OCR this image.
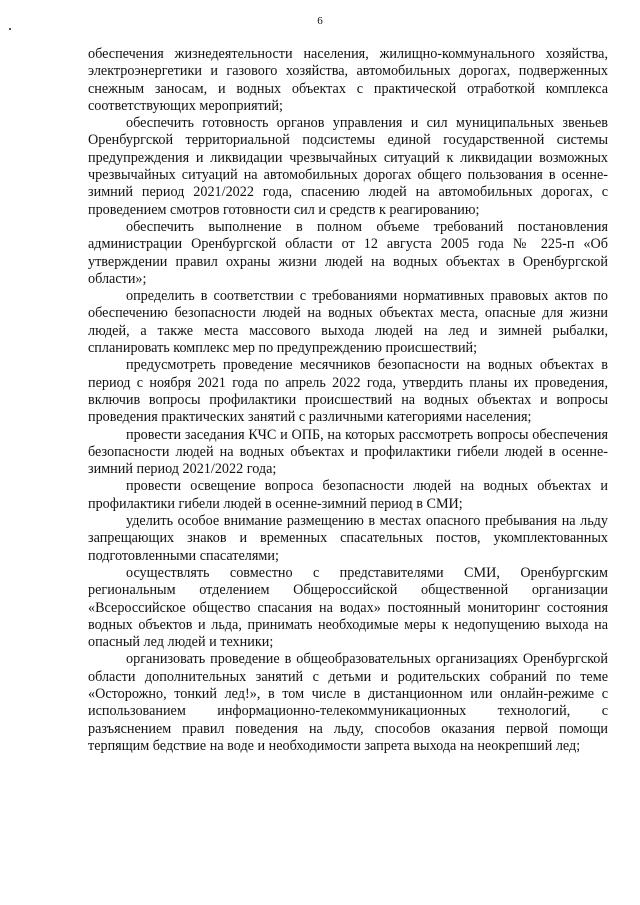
6

обеспечения жизнедеятельности населения, жилищно-коммунального хозяйства, электроэнергетики и газового хозяйства, автомобильных дорогах, подверженных снежным заносам, и водных объектах с практической отработкой комплекса соответствующих мероприятий;

обеспечить готовность органов управления и сил муниципальных звеньев Оренбургской территориальной подсистемы единой государственной системы предупреждения и ликвидации чрезвычайных ситуаций к ликвидации возможных чрезвычайных ситуаций на автомобильных дорогах общего пользования в осенне-зимний период 2021/2022 года, спасению людей на автомобильных дорогах, с проведением смотров готовности сил и средств к реагированию;

обеспечить выполнение в полном объеме требований постановления администрации Оренбургской области от 12 августа 2005 года № 225-п «Об утверждении правил охраны жизни людей на водных объектах в Оренбургской области»;

определить в соответствии с требованиями нормативных правовых актов по обеспечению безопасности людей на водных объектах места, опасные для жизни людей, а также места массового выхода людей на лед и зимней рыбалки, спланировать комплекс мер по предупреждению происшествий;

предусмотреть проведение месячников безопасности на водных объектах в период с ноября 2021 года по апрель 2022 года, утвердить планы их проведения, включив вопросы профилактики происшествий на водных объектах и вопросы проведения практических занятий с различными категориями населения;

провести заседания КЧС и ОПБ, на которых рассмотреть вопросы обеспечения безопасности людей на водных объектах и профилактики гибели людей в осенне-зимний период 2021/2022 года;

провести освещение вопроса безопасности людей на водных объектах и профилактики гибели людей в осенне-зимний период в СМИ;

уделить особое внимание размещению в местах опасного пребывания на льду запрещающих знаков и временных спасательных постов, укомплектованных подготовленными спасателями;

осуществлять совместно с представителями СМИ, Оренбургским региональным отделением Общероссийской общественной организации «Всероссийское общество спасания на водах» постоянный мониторинг состояния водных объектов и льда, принимать необходимые меры к недопущению выхода на опасный лед людей и техники;

организовать проведение в общеобразовательных организациях Оренбургской области дополнительных занятий с детьми и родительских собраний по теме «Осторожно, тонкий лед!», в том числе в дистанционном или онлайн-режиме с использованием информационно-телекоммуникационных технологий, с разъяснением правил поведения на льду, способов оказания первой помощи терпящим бедствие на воде и необходимости запрета выхода на неокрепший лед;
